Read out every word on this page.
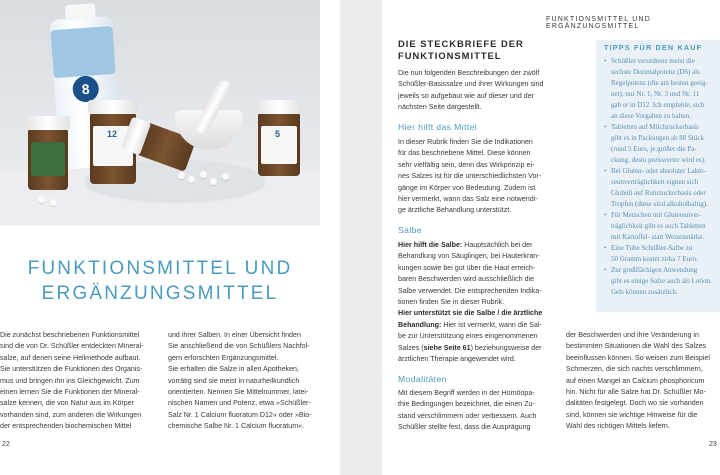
8
12	5
FUNKTIONSMITTEL UND
ERGÄNZUNGSMITTEL
Die zunächst beschriebenen Funktionsmittel
sind die von Dr. Schüßler entdeckten Mineral-
salze, auf denen seine Heilmethode aufbaut.
Sie unterstützen die Funktionen des Organis-
mus und bringen ihn ins Gleichgewicht. Zum
einen lernen Sie die Funktionen der Mineral-
salze kennen, die von Natur aus im Körper
vorhanden sind, zum anderen die Wirkungen
der entsprechenden biochemischen Mittel
und ihrer Salben. In einer Übersicht finden
Sie anschließend die von Schüßlers Nachfol-
gern erforschten Ergänzungsmittel.
Sie erhalten die Salze in allen Apotheken,
vorrätig sind sie meist in naturheilkundlich
orientierten. Nennen Sie Mittelnummer, latei-
nischen Namen und Potenz, etwa »Schüßler-
Salz Nr. 1 Calcium fluoratum D12« oder »Bio-
chemische Salbe Nr. 1 Calcium fluoratum«.
22
FUNKTIONSMITTEL UND ERGÄNZUNGSMITTEL
DIE STECKBRIEFE DER
FUNKTIONSMITTEL
Die nun folgenden Beschreibungen der zwölf
Schüßler-Basissalze und ihrer Wirkungen sind
jeweils so aufgebaut wie auf dieser und der
nächsten Seite dargestellt.
Hier hilft das Mittel
In dieser Rubrik finden Sie die Indikationen
für das beschriebene Mittel. Diese können
sehr vielfältig sein, denn das Wirkprinzip ei-
nes Salzes ist für die unterschiedlichsten Vor-
gänge im Körper von Bedeutung. Zudem ist
hier vermerkt, wann das Salz eine notwendi-
ge ärztliche Behandlung unterstützt.
Salbe
Hier hilft die Salbe: Hauptsächlich bei der
Behandlung von Säuglingen, bei Hauterkran-
kungen sowie bei gut über die Haut erreich-
baren Beschwerden wird ausschließlich die
Salbe verwendet. Die entsprechenden Indika-
tionen finden Sie in dieser Rubrik.
Hier unterstützt sie die Salbe / die ärztliche
Behandlung: Hier ist vermerkt, wann die Sal-
be zur Unterstützung eines eingenommenen
Salzes (siehe Seite 61) beziehungsweise der
ärztlichen Therapie angewendet wird.
Modalitäten
Mit diesem Begriff werden in der Homöopa-
thie Bedingungen bezeichnet, die einen Zu-
stand verschlimmern oder verbessern. Auch
Schüßler stellte fest, dass die Ausprägung
TIPPS FÜR DEN KAUF
• Schüßler verordnete meist die
sechste Dezimalpotenz (D6) als
Regelpotenz (die am besten geeig-
net), nur Nr. 1, Nr. 3 und Nr. 11
gab er in D12. Ich empfehle, sich
an diese Vorgaben zu halten.
• Tabletten auf Milchzuckerbasis
gibt es in Packungen ab 80 Stück
(rund 5 Euro, je größer die Pa-
ckung, desto preiswerter wird es).
• Bei Gluten- oder absoluter Lakto-
seunverträglichkeit eignen sich
Globuli auf Rohrzuckerbasis oder
Tropfen (diese sind alkoholhaltig).
• Für Menschen mit Glutenunver-
träglichkeit gibt es auch Tabletten
mit Kartoffel- statt Weizenstärke.
• Eine Tube Schüßler-Salbe zu
50 Gramm kostet zirka 7 Euro.
• Zur großflächigen Anwendung
gibt es einige Salze auch als Lotion.
Gels können zusätzlich.
der Beschwerden und ihre Veränderung in
bestimmten Situationen die Wahl des Salzes
beeinflussen können. So weisen zum Beispiel
Schmerzen, die sich nachts verschlimmern,
auf einen Mangel an Calcium phosphoricum
hin. Nicht für alle Salze hat Dr. Schüßler Mo-
dalitäten festgelegt. Doch wo sie vorhanden
sind, können sie wichtige Hinweise für die
Wahl des richtigen Mittels liefern.
23
